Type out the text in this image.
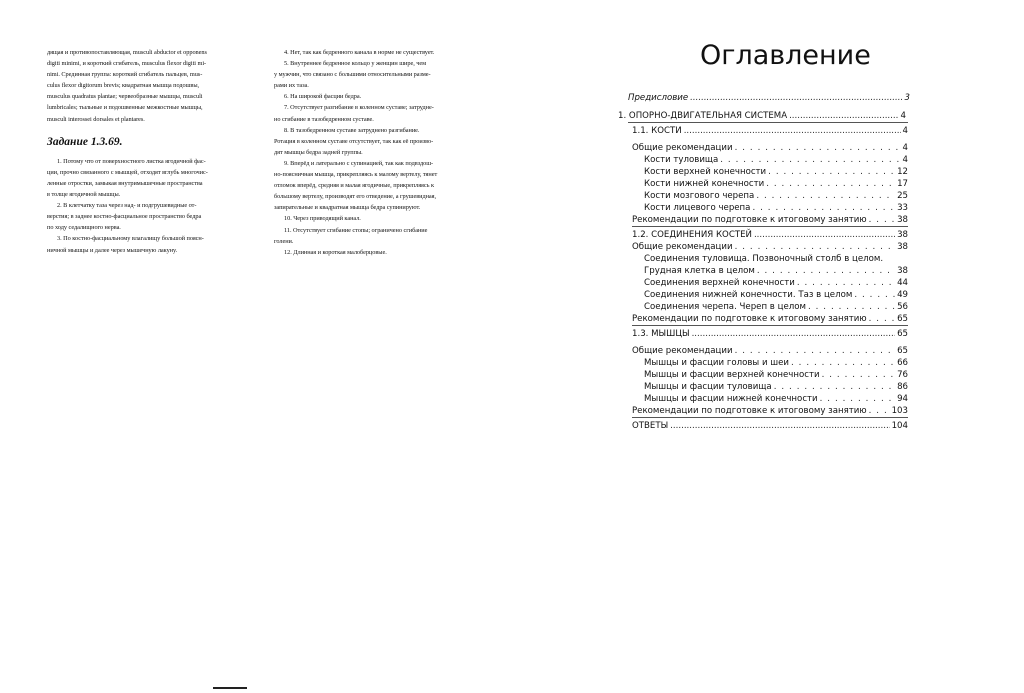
дящая и противопоставляющая, musculi abductor et opponens

digiti minimi, и короткий сгибатель, musculus flexor digiti mi-

nimi. Срединная группа: короткий сгибатель пальцев, mus-

culus flexor digitorum brevis; квадратная мышца подошвы,

musculus quadratus plantae; червеобразные мышцы, musculi

lumbricales; тыльные и подошвенные межкостные мышцы,

musculi interossei dorsales et plantares.

Задание 1.3.69.

1. Потому что от поверхностного листка ягодичной фас-

ции, прочно связанного с мышцей, отходят вглубь многочис-

ленные отростки, замыкая внутримышечные пространства

в толще ягодичной мышцы.

2. В клетчатку таза через над- и подгрушевидные от-

верстия; в заднее костно-фасциальное пространство бедра

по ходу седалищного нерва.

3. По костно-фасциальному влагалищу большой поясн-

ничной мышцы и далее через мышечную лакуну.

4. Нет, так как бедренного канала в норме не существует.

5. Внутреннее бедренное кольцо у женщин шире, чем

у мужчин, что связано с большими относительными разме-

рами их таза.

6. На широкой фасции бедра.

7. Отсутствует разгибание в коленном суставе; затрудне-

но сгибание в тазобедренном суставе.

8. В тазобедренном суставе затруднено разгибание.

Ротация в коленном суставе отсутствует, так как её произво-

дят мышцы бедра задней группы.

9. Вперёд и латерально с супинацией, так как подвздош-

но-поясничная мышца, прикрепляясь к малому вертелу, тянет

отломок вперёд, средняя и малая ягодичные, прикрепляясь к

большому вертелу, производят его отведение, а грушевидная,

запирательные и квадратная мышца бедра супинируют.

10. Через приводящий канал.

11. Отсутствует сгибание стопы; ограничено сгибание

голени.

12. Длинная и короткая малоберцовые.

Оглавление
Предисловие .....	3
1. ОПОРНО-ДВИГАТЕЛЬНАЯ СИСТЕМА .....	4
1.1. КОСТИ .....	4
Общие рекомендации . . .	4
Кости туловища . . .	4
Кости верхней конечности . . .	12
Кости нижней конечности . . .	17
Кости мозгового черепа . . .	25
Кости лицевого черепа . . .	33
Рекомендации по подготовке к итоговому занятию . . .	38
1.2. СОЕДИНЕНИЯ КОСТЕЙ .....	38
Общие рекомендации . . .	38
Соединения туловища. Позвоночный столб в целом.
Грудная клетка в целом . . .	38
Соединения верхней конечности . . .	44
Соединения нижней конечности. Таз в целом . . .	49
Соединения черепа. Череп в целом . . .	56
Рекомендации по подготовке к итоговому занятию . . .	65
1.3. МЫШЦЫ .....	65
Общие рекомендации . . .	65
Мышцы и фасции головы и шеи . . .	66
Мышцы и фасции верхней конечности . . .	76
Мышцы и фасции туловища . . .	86
Мышцы и фасции нижней конечности . . .	94
Рекомендации по подготовке к итоговому занятию . . .	103
ОТВЕТЫ .....	104
